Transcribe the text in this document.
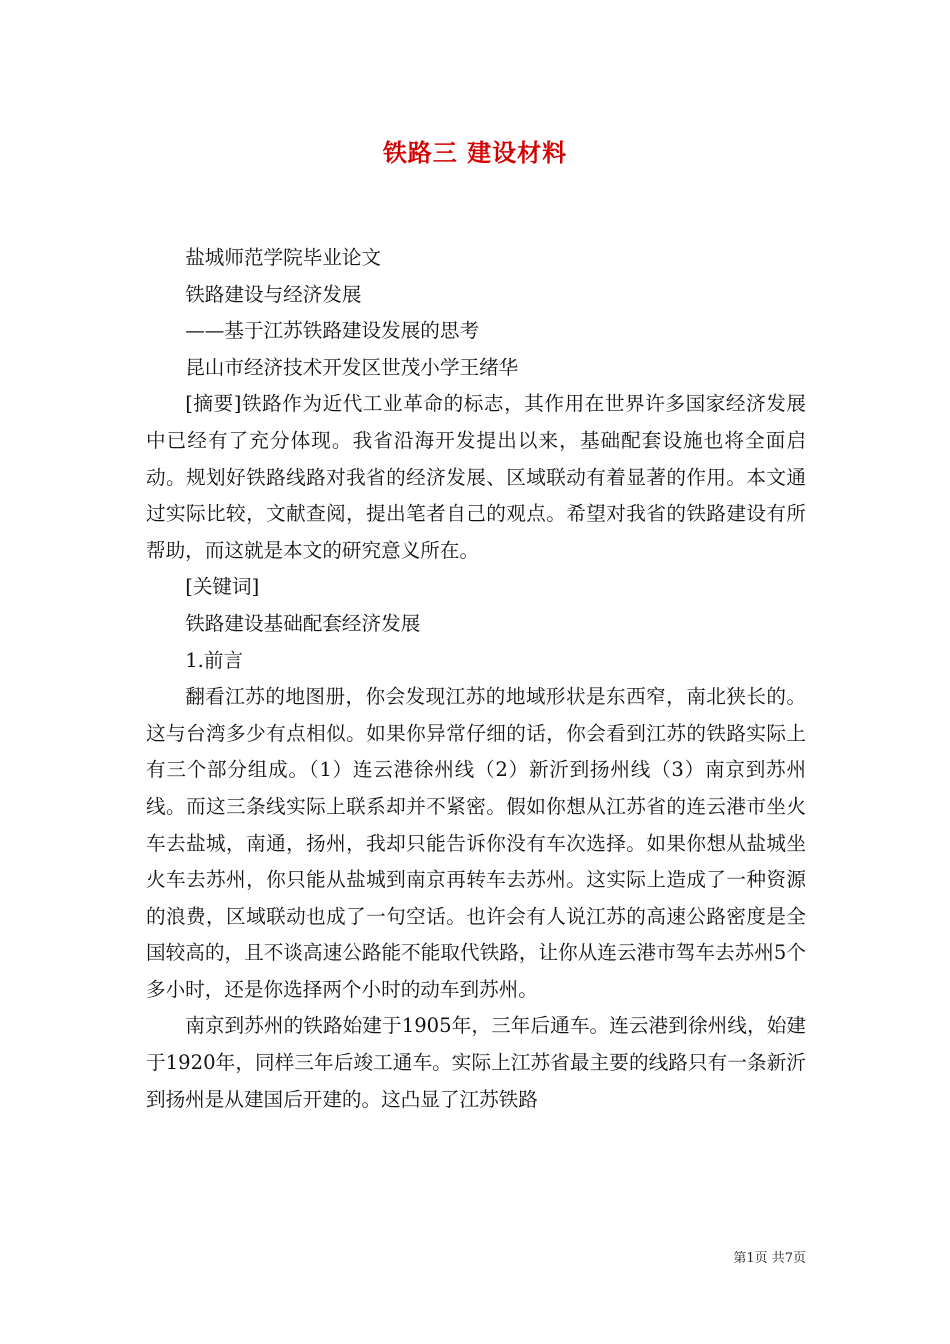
铁路三 建设材料

盐城师范学院毕业论文

铁路建设与经济发展

——基于江苏铁路建设发展的思考

昆山市经济技术开发区世茂小学王绪华

[摘要]铁路作为近代工业革命的标志，其作用在世界许多国家经济发展中已经有了充分体现。我省沿海开发提出以来，基础配套设施也将全面启动。规划好铁路线路对我省的经济发展、区域联动有着显著的作用。本文通过实际比较，文献查阅，提出笔者自己的观点。希望对我省的铁路建设有所帮助，而这就是本文的研究意义所在。

[关键词]

铁路建设基础配套经济发展

1.前言

翻看江苏的地图册，你会发现江苏的地域形状是东西窄，南北狭长的。这与台湾多少有点相似。如果你异常仔细的话，你会看到江苏的铁路实际上有三个部分组成。（1）连云港徐州线（2）新沂到扬州线（3）南京到苏州线。而这三条线实际上联系却并不紧密。假如你想从江苏省的连云港市坐火车去盐城，南通，扬州，我却只能告诉你没有车次选择。如果你想从盐城坐火车去苏州，你只能从盐城到南京再转车去苏州。这实际上造成了一种资源的浪费，区域联动也成了一句空话。也许会有人说江苏的高速公路密度是全国较高的，且不谈高速公路能不能取代铁路，让你从连云港市驾车去苏州5个多小时，还是你选择两个小时的动车到苏州。

南京到苏州的铁路始建于1905年，三年后通车。连云港到徐州线，始建于1920年，同样三年后竣工通车。实际上江苏省最主要的线路只有一条新沂到扬州是从建国后开建的。这凸显了江苏铁路

第1页 共7页
